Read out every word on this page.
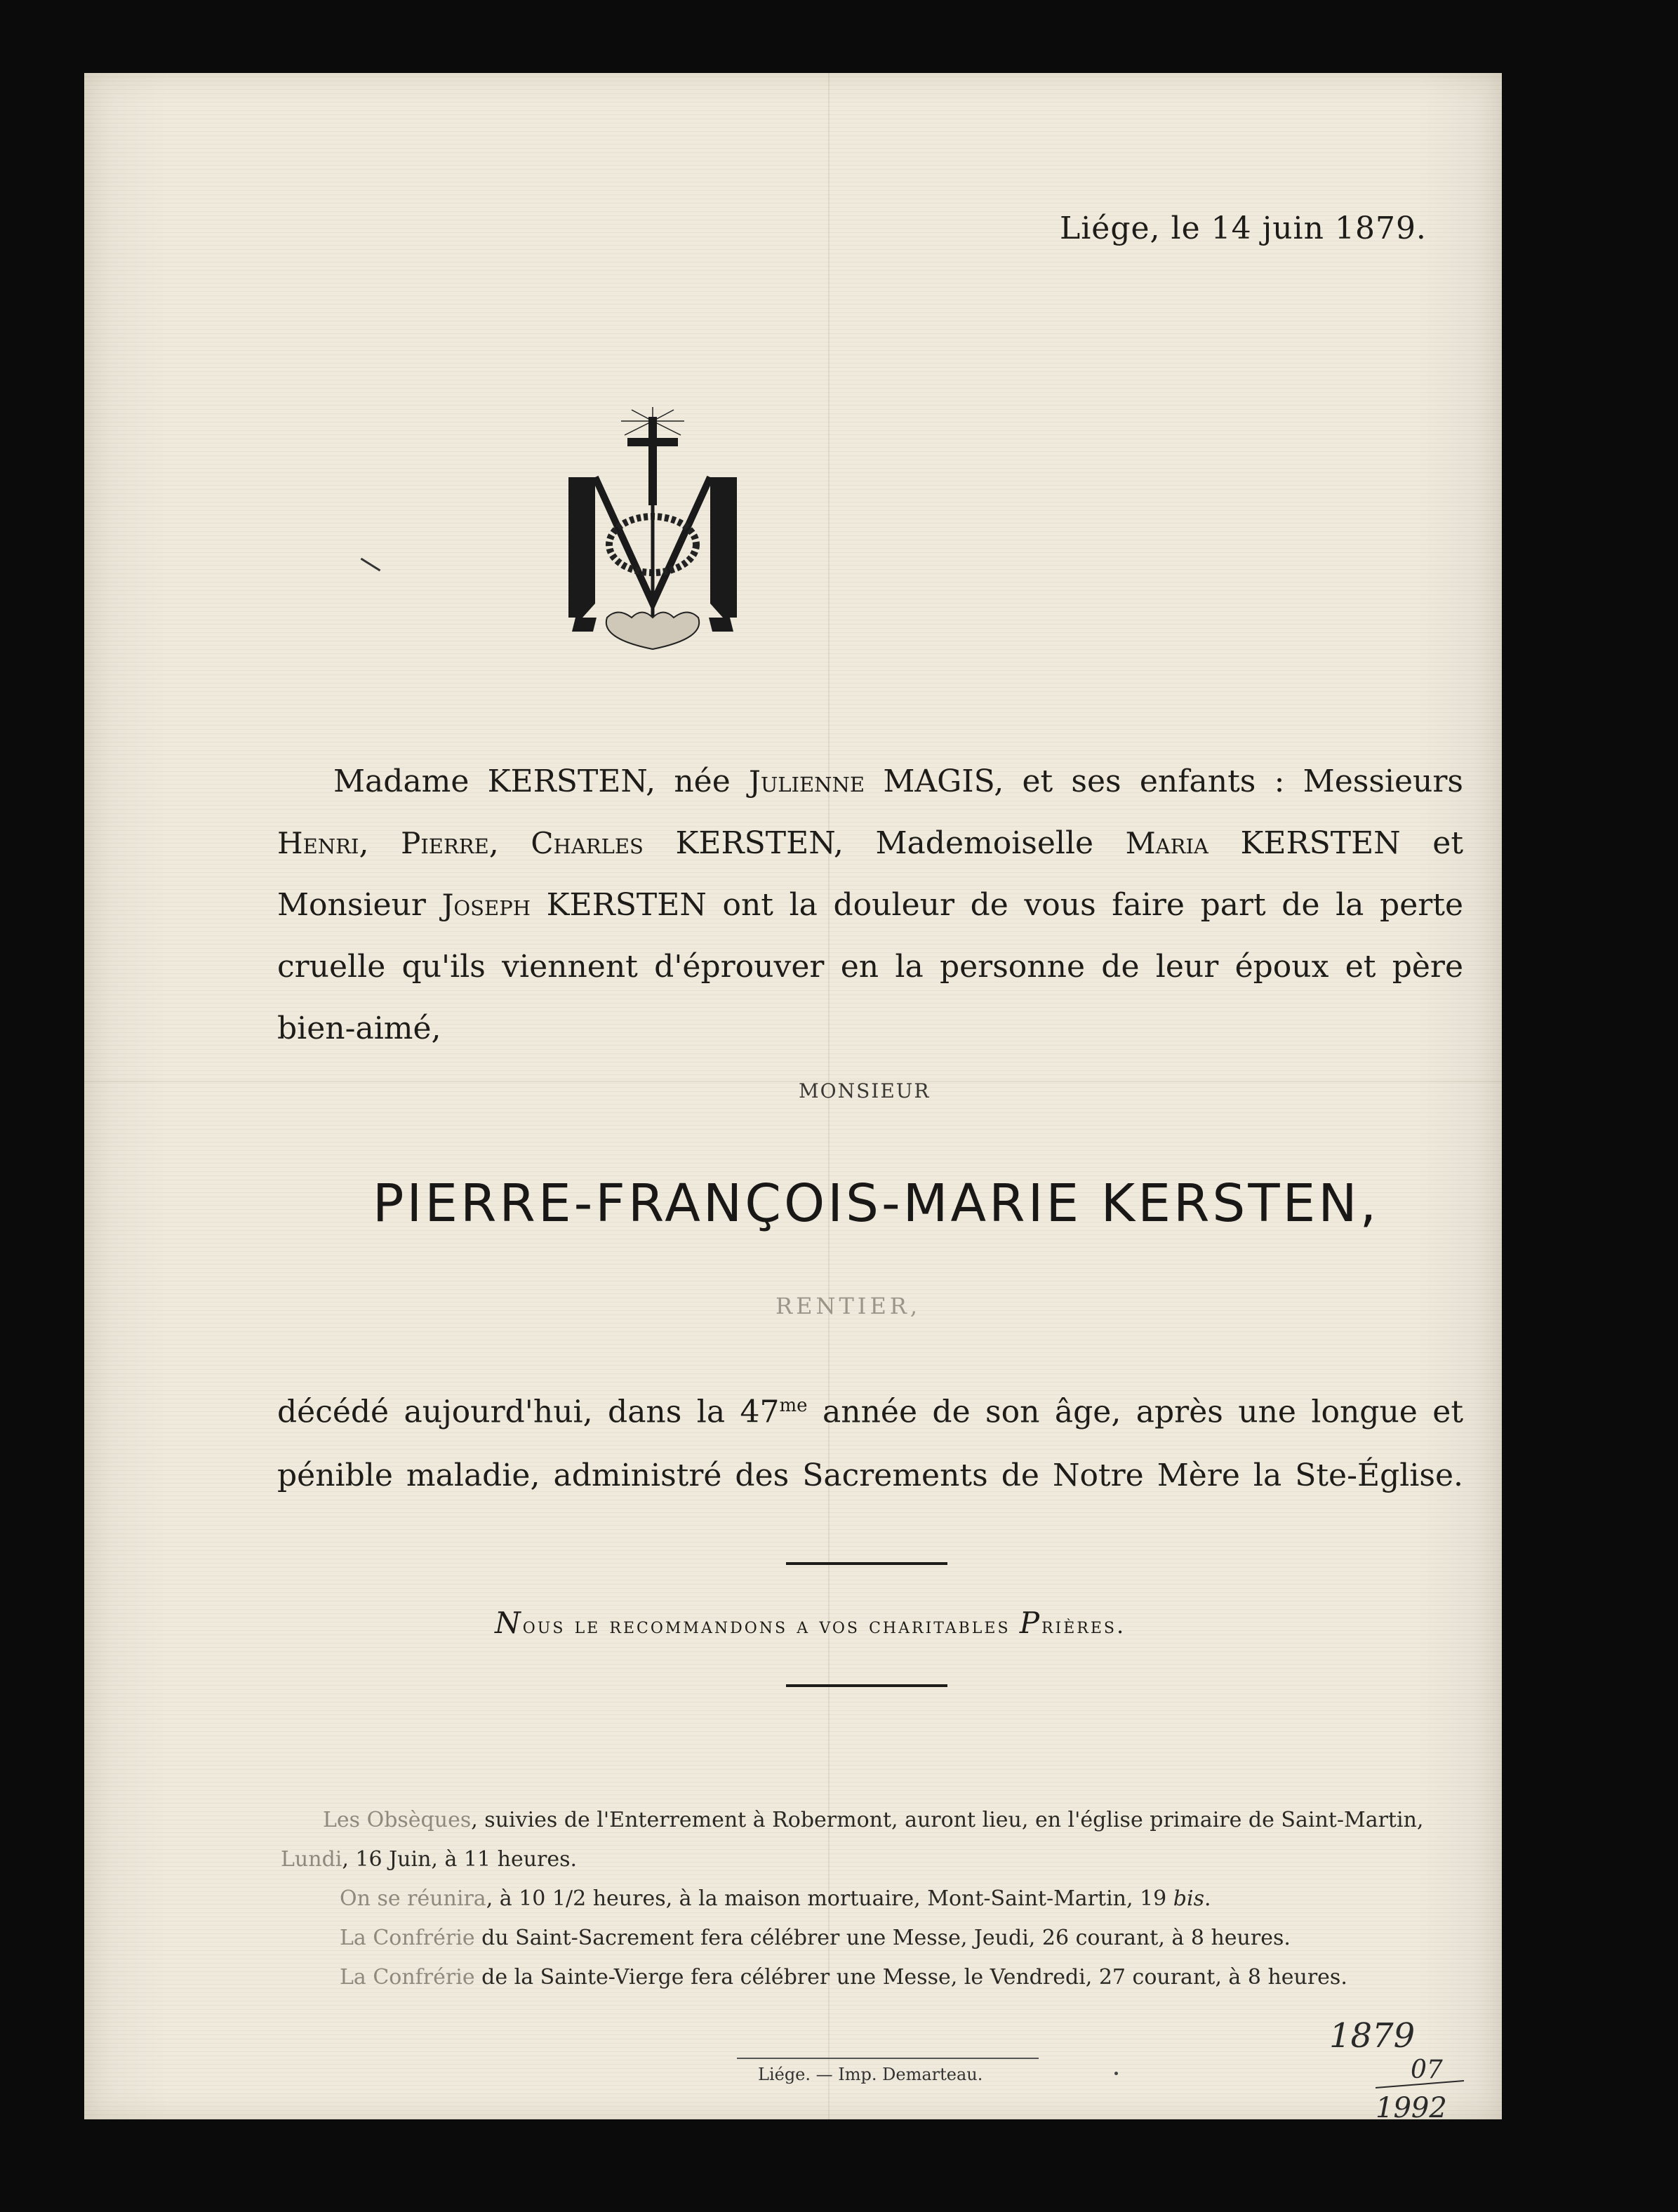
Liége, le 14 juin 1879.
Madame KERSTEN, née Julienne MAGIS, et ses enfants : Messieurs
Henri, Pierre, Charles KERSTEN, Mademoiselle Maria KERSTEN et
Monsieur Joseph KERSTEN ont la douleur de vous faire part de la perte
cruelle qu'ils viennent d'éprouver en la personne de leur époux et père
bien-aimé,
MONSIEUR
PIERRE-FRANÇOIS-MARIE KERSTEN,
RENTIER,
décédé aujourd'hui, dans la $47^{me}$ année de son âge, après une longue et
pénible maladie, administré des Sacrements de Notre Mère la Ste-Église.
Nous le recommandons a vos charitables Prières.
Les Obsèques, suivies de l'Enterrement à Robermont, auront lieu, en l'église primaire de Saint-Martin,
Lundi, 16 Juin, à 11 heures.
On se réunira, à 10 1/2 heures, à la maison mortuaire, Mont-Saint-Martin, 19 bis.
La Confrérie du Saint-Sacrement fera célébrer une Messe, Jeudi, 26 courant, à 8 heures.
La Confrérie de la Sainte-Vierge fera célébrer une Messe, le Vendredi, 27 courant, à 8 heures.
Liége. — Imp. Demarteau.
1879
07
1992
